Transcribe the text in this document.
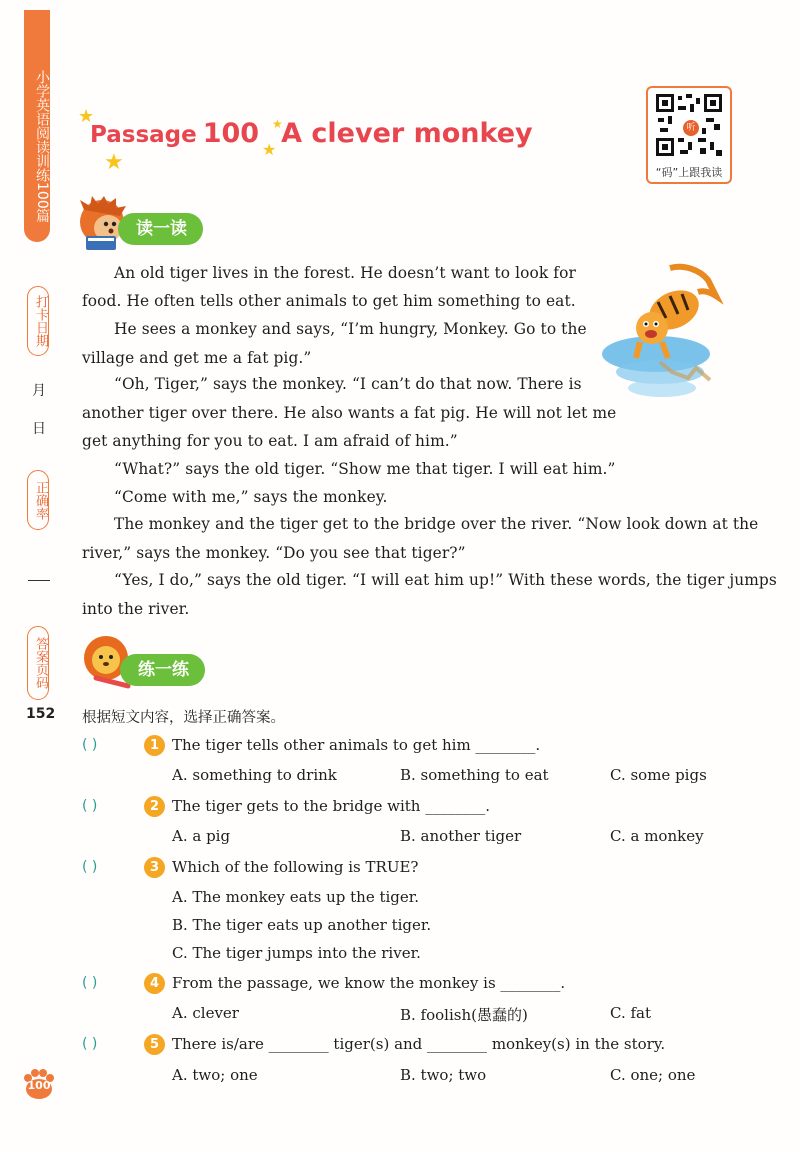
小学英语阅读训练100篇
打卡日期
月
日
正确率
答案页码
152
★
★
★
★
Passage 100 A clever monkey	听
“码”上跟我读
读一读
An old tiger lives in the forest. He doesn’t want to look for
food. He often tells other animals to get him something to eat.
He sees a monkey and says, “I’m hungry, Monkey. Go to the
village and get me a fat pig.”
“Oh, Tiger,” says the monkey. “I can’t do that now. There is
another tiger over there. He also wants a fat pig. He will not let me
get anything for you to eat. I am afraid of him.”
“What?” says the old tiger. “Show me that tiger. I will eat him.”
“Come with me,” says the monkey.
The monkey and the tiger get to the bridge over the river. “Now look down at the
river,” says the monkey. “Do you see that tiger?”
“Yes, I do,” says the old tiger. “I will eat him up!” With these words, the tiger jumps
into the river.
练一练
根据短文内容，选择正确答案。
( )	1 The tiger tells other animals to get him ________.
A. something to drink	B. something to eat	C. some pigs
( )	2 The tiger gets to the bridge with ________.
A. a pig	B. another tiger	C. a monkey
( )	3 Which of the following is TRUE?
A. The monkey eats up the tiger.
B. The tiger eats up another tiger.
C. The tiger jumps into the river.
( )	4 From the passage, we know the monkey is ________.
A. clever	B. foolish(愚蠢的)	C. fat
( )	5 There is/are ________ tiger(s) and ________ monkey(s) in the story.
A. two; one	B. two; two	C. one; one
100
